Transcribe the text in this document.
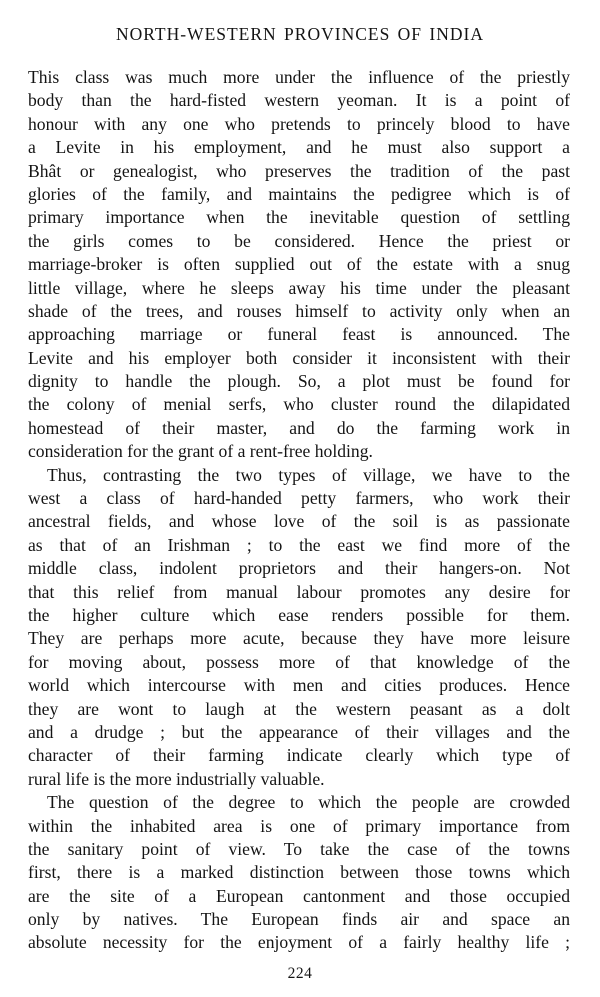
NORTH-WESTERN PROVINCES OF INDIA
This class was much more under the influence of the priestly
body than the hard-fisted western yeoman. It is a point of
honour with any one who pretends to princely blood to have
a Levite in his employment, and he must also support a
Bhât or genealogist, who preserves the tradition of the past
glories of the family, and maintains the pedigree which is of
primary importance when the inevitable question of settling
the girls comes to be considered. Hence the priest or
marriage-broker is often supplied out of the estate with a snug
little village, where he sleeps away his time under the pleasant
shade of the trees, and rouses himself to activity only when an
approaching marriage or funeral feast is announced. The
Levite and his employer both consider it inconsistent with their
dignity to handle the plough. So, a plot must be found for
the colony of menial serfs, who cluster round the dilapidated
homestead of their master, and do the farming work in
consideration for the grant of a rent-free holding.
Thus, contrasting the two types of village, we have to the
west a class of hard-handed petty farmers, who work their
ancestral fields, and whose love of the soil is as passionate
as that of an Irishman ; to the east we find more of the
middle class, indolent proprietors and their hangers-on. Not
that this relief from manual labour promotes any desire for
the higher culture which ease renders possible for them.
They are perhaps more acute, because they have more leisure
for moving about, possess more of that knowledge of the
world which intercourse with men and cities produces. Hence
they are wont to laugh at the western peasant as a dolt
and a drudge ; but the appearance of their villages and the
character of their farming indicate clearly which type of
rural life is the more industrially valuable.
The question of the degree to which the people are crowded
within the inhabited area is one of primary importance from
the sanitary point of view. To take the case of the towns
first, there is a marked distinction between those towns which
are the site of a European cantonment and those occupied
only by natives. The European finds air and space an
absolute necessity for the enjoyment of a fairly healthy life ;
224
